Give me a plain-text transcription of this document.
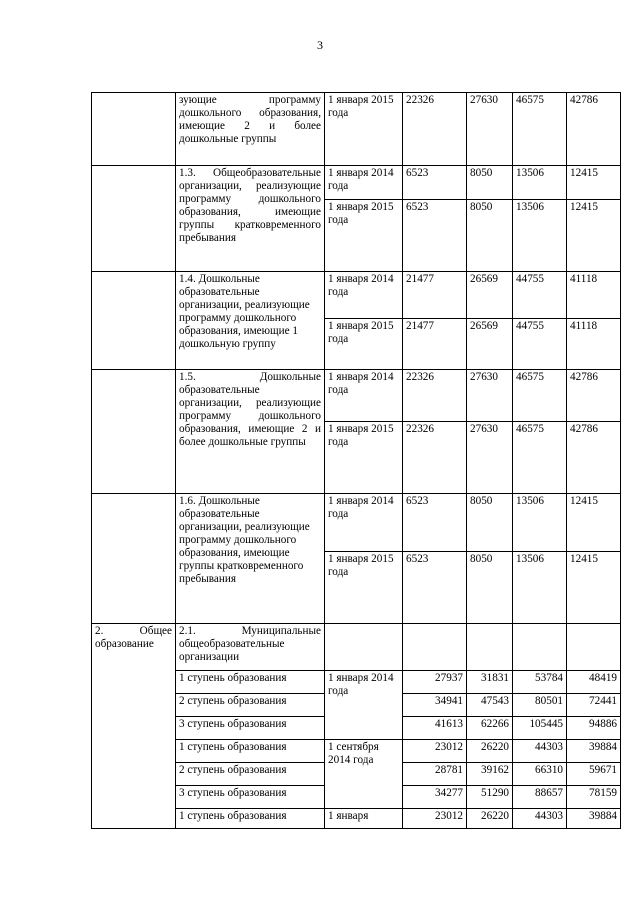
3
	зующие программу дошкольного образования, имеющие 2 и более дошкольные группы	1 января 2015 года	22326	27630	46575	42786
	1.3. Общеобразовательные организации, реализующие программу дошкольного образования, имеющие группы кратковременного пребывания	1 января 2014 года	6523	8050	13506	12415
		1 января 2015 года	6523	8050	13506	12415
	1.4. Дошкольные образовательные организации, реализующие программу дошкольного образования, имеющие 1 дошкольную группу	1 января 2014 года	21477	26569	44755	41118
		1 января 2015 года	21477	26569	44755	41118
	1.5. Дошкольные образовательные организации, реализующие программу дошкольного образования, имеющие 2 и более дошкольные группы	1 января 2014 года	22326	27630	46575	42786
		1 января 2015 года	22326	27630	46575	42786
	1.6. Дошкольные образовательные организации, реализующие программу дошкольного образования, имеющие группы кратковременного пребывания	1 января 2014 года	6523	8050	13506	12415
		1 января 2015 года	6523	8050	13506	12415
2. Общее образование	2.1. Муниципальные общеобразовательные организации					
	1 ступень образования	1 января 2014 года	27937	31831	53784	48419
	2 ступень образования		34941	47543	80501	72441
	3 ступень образования		41613	62266	105445	94886
	1 ступень образования	1 сентября 2014 года	23012	26220	44303	39884
	2 ступень образования		28781	39162	66310	59671
	3 ступень образования		34277	51290	88657	78159
	1 ступень образования	1 января	23012	26220	44303	39884
